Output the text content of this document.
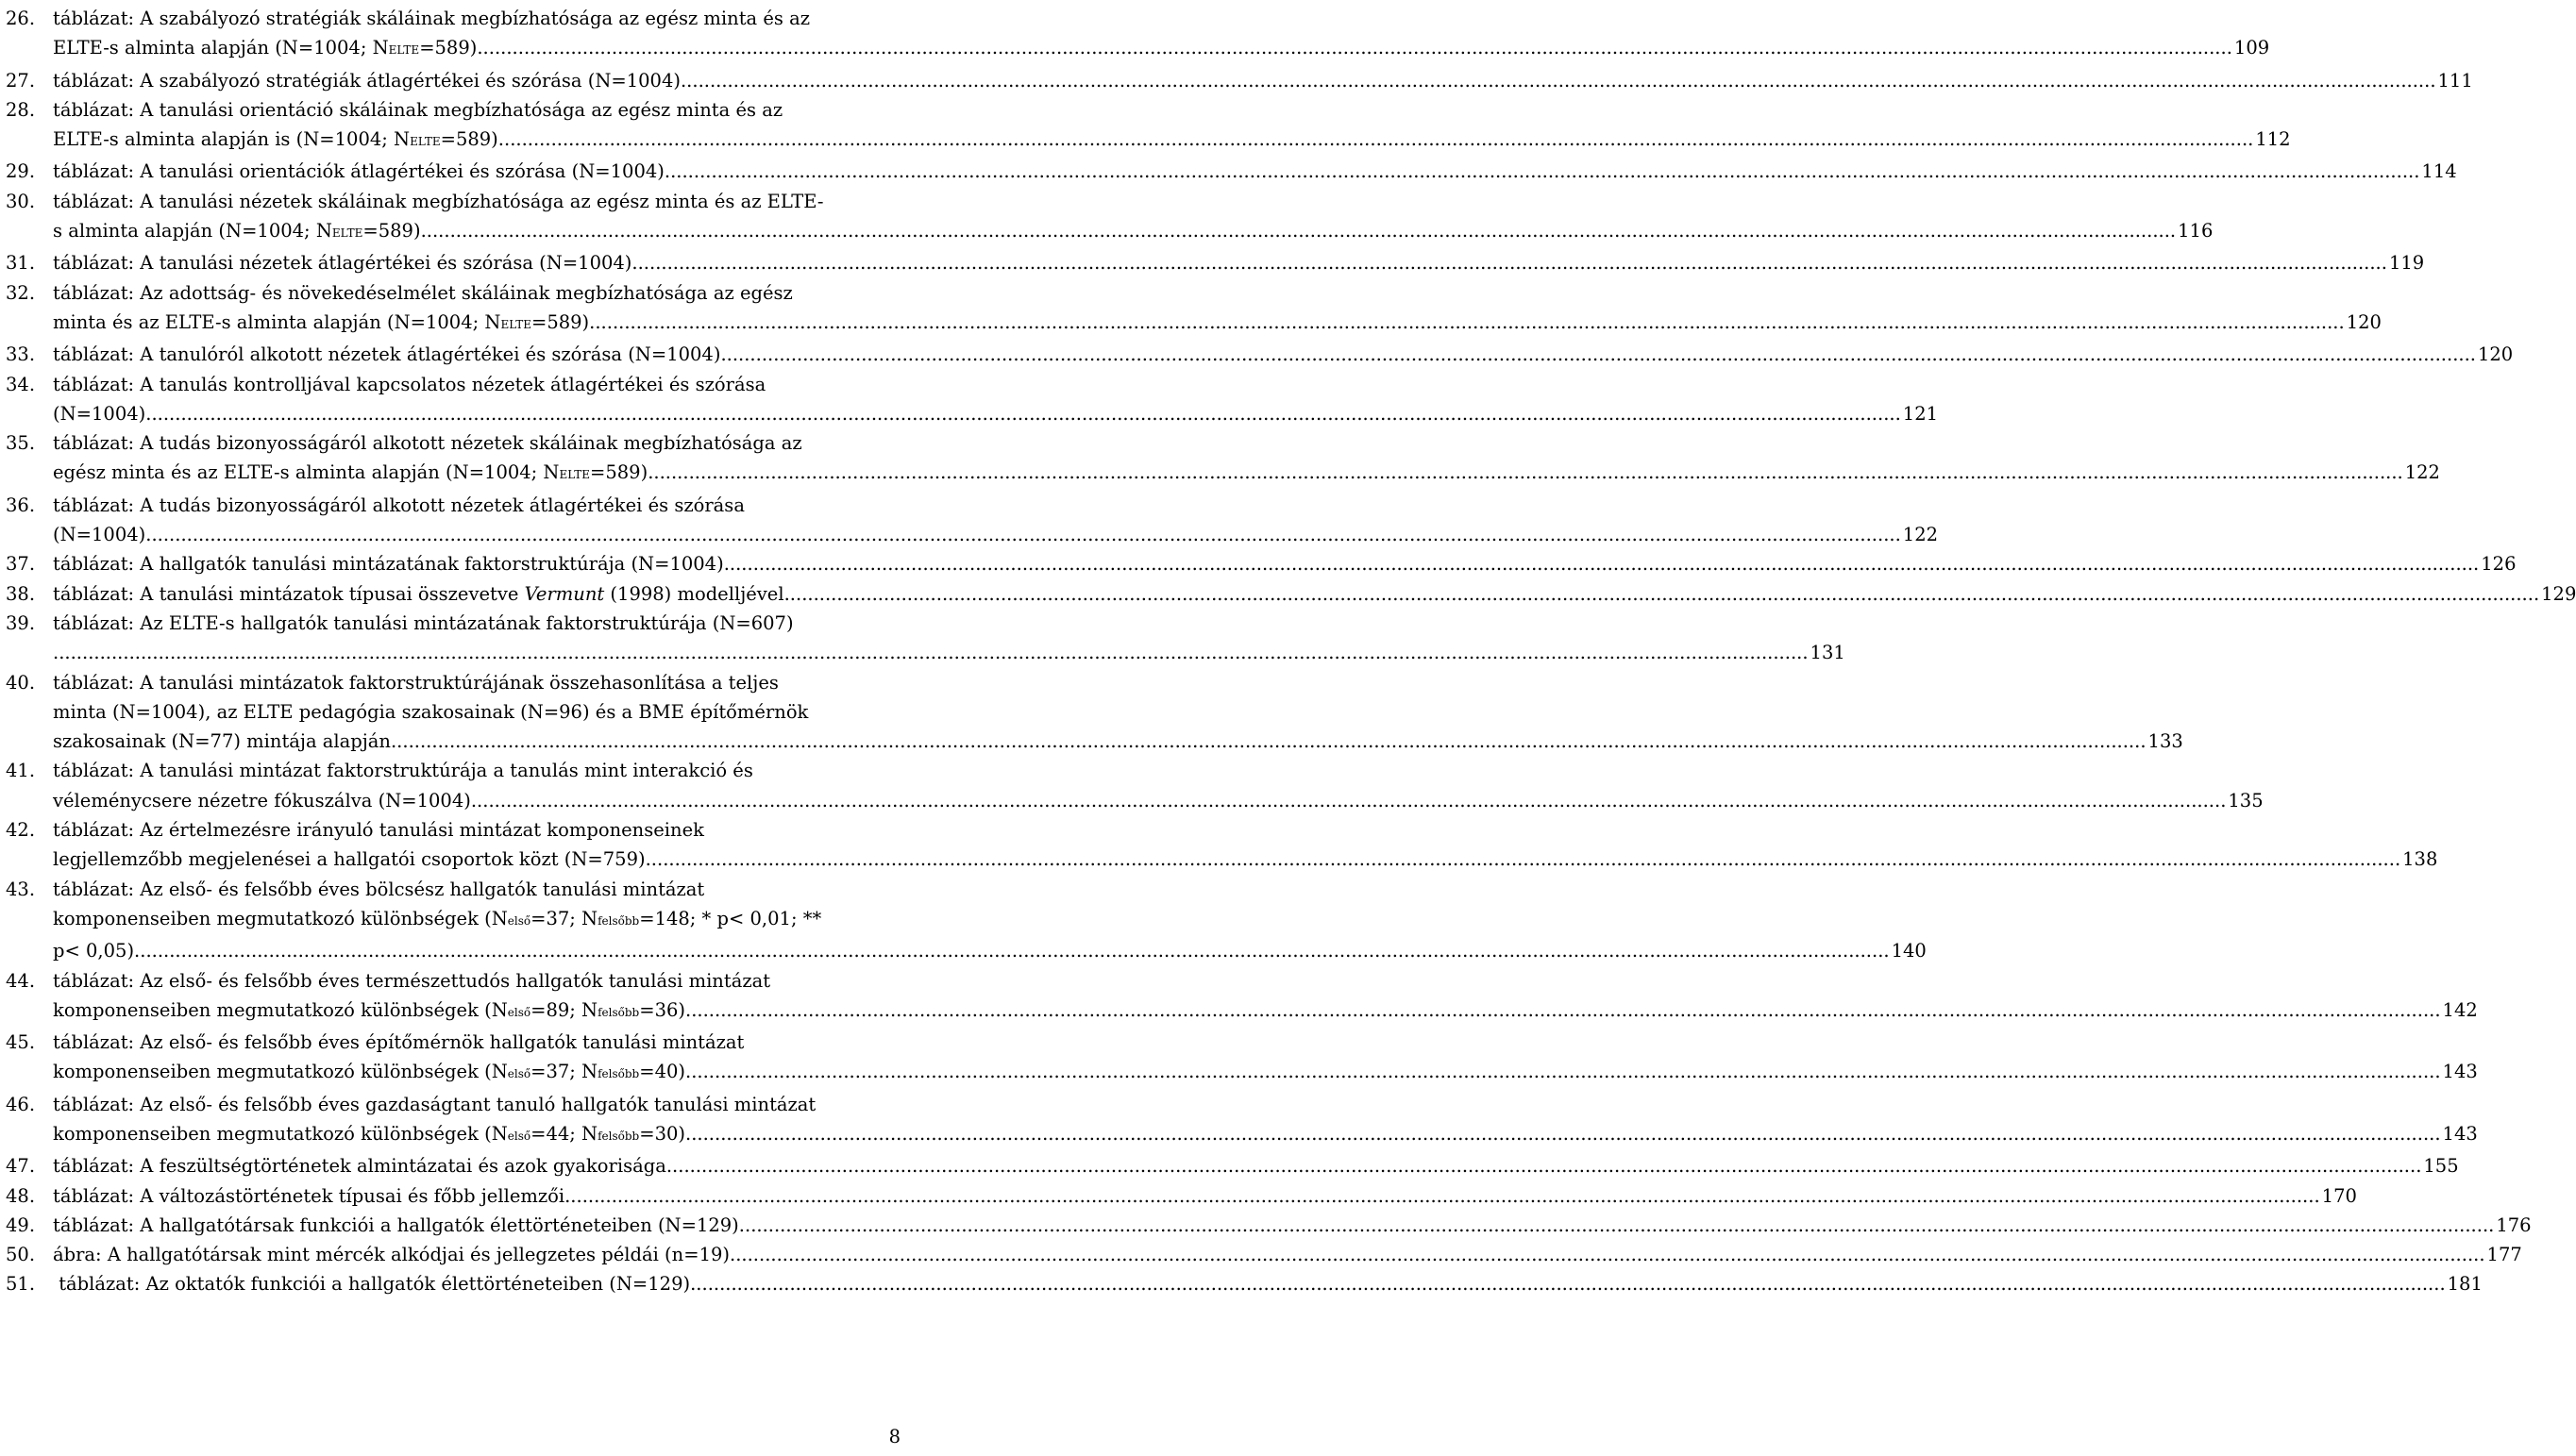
26. táblázat: A szabályozó stratégiák skáláinak megbízhatósága az egész minta és az
ELTE-s alminta alapján (N=1004; N ELTE =589) ............................................................................................................................................................................................................................................................................................................ 109
27. táblázat: A szabályozó stratégiák átlagértékei és szórása (N=1004) ............................................................................................................................................................................................................................................................................................................ 111
28. táblázat: A tanulási orientáció skáláinak megbízhatósága az egész minta és az
ELTE-s alminta alapján is (N=1004; N ELTE =589) ............................................................................................................................................................................................................................................................................................................ 112
29. táblázat: A tanulási orientációk átlagértékei és szórása (N=1004) ............................................................................................................................................................................................................................................................................................................ 114
30. táblázat: A tanulási nézetek skáláinak megbízhatósága az egész minta és az ELTE-
s alminta alapján (N=1004; N ELTE =589) ............................................................................................................................................................................................................................................................................................................ 116
31. táblázat: A tanulási nézetek átlagértékei és szórása (N=1004) ............................................................................................................................................................................................................................................................................................................ 119
32. táblázat: Az adottság- és növekedéselmélet skáláinak megbízhatósága az egész
minta és az ELTE-s alminta alapján (N=1004; N ELTE =589) ............................................................................................................................................................................................................................................................................................................ 120
33. táblázat: A tanulóról alkotott nézetek átlagértékei és szórása (N=1004) ............................................................................................................................................................................................................................................................................................................ 120
34. táblázat: A tanulás kontrolljával kapcsolatos nézetek átlagértékei és szórása
(N=1004) ............................................................................................................................................................................................................................................................................................................ 121
35. táblázat: A tudás bizonyosságáról alkotott nézetek skáláinak megbízhatósága az
egész minta és az ELTE-s alminta alapján (N=1004; N ELTE =589) ............................................................................................................................................................................................................................................................................................................ 122
36. táblázat: A tudás bizonyosságáról alkotott nézetek átlagértékei és szórása
(N=1004) ............................................................................................................................................................................................................................................................................................................ 122
37. táblázat: A hallgatók tanulási mintázatának faktorstruktúrája (N=1004) ............................................................................................................................................................................................................................................................................................................ 126
38. táblázat: A tanulási mintázatok típusai összevetve Vermunt (1998) modelljével ............................................................................................................................................................................................................................................................................................................ 129
39. táblázat: Az ELTE-s hallgatók tanulási mintázatának faktorstruktúrája (N=607)
............................................................................................................................................................................................................................................................................................................ 131
40. táblázat: A tanulási mintázatok faktorstruktúrájának összehasonlítása a teljes
minta (N=1004), az ELTE pedagógia szakosainak (N=96) és a BME építőmérnök
szakosainak (N=77) mintája alapján ............................................................................................................................................................................................................................................................................................................ 133
41. táblázat: A tanulási mintázat faktorstruktúrája a tanulás mint interakció és
véleménycsere nézetre fókuszálva (N=1004) ............................................................................................................................................................................................................................................................................................................ 135
42. táblázat: Az értelmezésre irányuló tanulási mintázat komponenseinek
legjellemzőbb megjelenései a hallgatói csoportok közt (N=759) ............................................................................................................................................................................................................................................................................................................ 138
43. táblázat: Az első- és felsőbb éves bölcsész hallgatók tanulási mintázat
komponenseiben megmutatkozó különbségek (N első =37; N felsőbb =148; * p< 0,01; **
p< 0,05) ............................................................................................................................................................................................................................................................................................................ 140
44. táblázat: Az első- és felsőbb éves természettudós hallgatók tanulási mintázat
komponenseiben megmutatkozó különbségek (N első =89; N felsőbb =36) ............................................................................................................................................................................................................................................................................................................ 142
45. táblázat: Az első- és felsőbb éves építőmérnök hallgatók tanulási mintázat
komponenseiben megmutatkozó különbségek (N első =37; N felsőbb =40) ............................................................................................................................................................................................................................................................................................................ 143
46. táblázat: Az első- és felsőbb éves gazdaságtant tanuló hallgatók tanulási mintázat
komponenseiben megmutatkozó különbségek (N első =44; N felsőbb =30) ............................................................................................................................................................................................................................................................................................................ 143
47. táblázat: A feszültségtörténetek almintázatai és azok gyakorisága ............................................................................................................................................................................................................................................................................................................ 155
48. táblázat: A változástörténetek típusai és főbb jellemzői ............................................................................................................................................................................................................................................................................................................ 170
49. táblázat: A hallgatótársak funkciói a hallgatók élettörténeteiben (N=129) ............................................................................................................................................................................................................................................................................................................ 176
50. ábra: A hallgatótársak mint mércék alkódjai és jellegzetes példái (n=19) ............................................................................................................................................................................................................................................................................................................ 177
51. táblázat: Az oktatók funkciói a hallgatók élettörténeteiben (N=129) ............................................................................................................................................................................................................................................................................................................ 181
8
